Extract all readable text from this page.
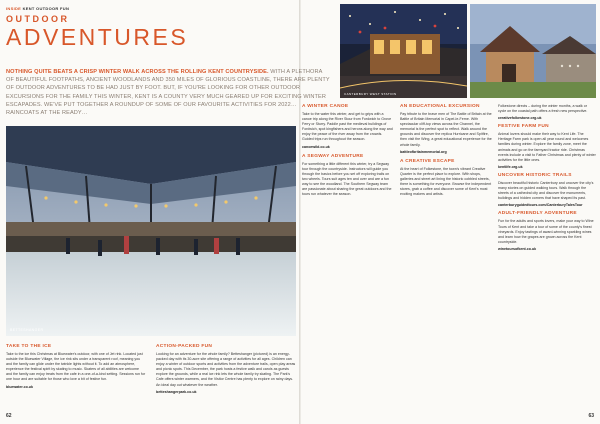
INSIDE KENT OUTDOOR FUN
OUTDOOR
ADVENTURES
NOTHING QUITE BEATS A CRISP WINTER WALK ACROSS THE ROLLING KENT COUNTRYSIDE. WITH A PLETHORA OF BEAUTIFUL FOOTPATHS, ANCIENT WOODLANDS AND 350 MILES OF GLORIOUS COASTLINE, THERE ARE PLENTY OF OUTDOOR ADVENTURES TO BE HAD JUST BY FOOT. BUT, IF YOU'RE LOOKING FOR OTHER OUTDOOR EXCURSIONS FOR THE FAMILY THIS WINTER, KENT IS A COUNTY VERY MUCH GEARED UP FOR EXCITING WINTER ESCAPADES. WE'VE PUT TOGETHER A ROUNDUP OF SOME OF OUR FAVOURITE ACTIVITIES FOR 2022… RAINCOATS AT THE READY…
BETTESHANGER
TAKE TO THE ICE

Take to the ice this Christmas at Bluewater's outdoor, with one of Jet rink. Located just outside the Bluewater Village, the ice rink sits under a transparent roof, meaning you and the family can glide under the twinkle lights without it. To add an atmosphere, experience the festival spirit by skating to music. Skaters of all abilities are welcome and the family can enjoy treats from the cafe in a one-of-a-kind setting. Sessions run for one hour and are suitable for those who love a bit of festive fun.

bluewater.co.uk

ACTION-PACKED FUN

Looking for an adventure for the whole family? Betteshanger (pictured) is an energy-packed day with its 30-acre site offering a range of activities for all ages. Children can enjoy a winter of outdoor sports and activities from the adventure trails, open play areas and picnic spots. This December, the park hosts a festive walk and carols as guests explore the grounds, while a real ice rink lets the whole family try skating. The Park's Cafe offers winter warmers, and the Visitor Centre has plenty to explore on rainy days. An ideal day out whatever the weather.

betteshangerpark.co.uk

62
CANTERBURY WEST STATION
A WINTER CANOE

Take to the water this winter, and get to grips with a canoe trip along the River Stour from Fordwich to Grove Ferry or Sturry. Paddle past the medieval buildings of Fordwich, spot kingfishers and herons along the way and enjoy the peace of the river away from the crowds. Guided trips run throughout the season.

canoewild.co.uk

A SEGWAY ADVENTURE

For something a little different this winter, try a Segway tour through the countryside. Instructors will guide you through the basics before you set off exploring trails on two wheels. Tours suit ages ten and over and are a fun way to see the woodland. The Southern Segway team are passionate about sharing the great outdoors and the tours run whatever the season.

AN EDUCATIONAL EXCURSION

Pay tribute to the brave men of The Battle of Britain at the Battle of Britain Memorial in Capel-le-Ferne. With spectacular cliff-top views across the Channel, the memorial is the perfect spot to reflect. Walk around the grounds and discover the replica Hurricane and Spitfire, then visit the Wing, a great educational experience for the whole family.

battleofbritainmemorial.org

A CREATIVE ESCAPE

At the heart of Folkestone, the town's vibrant Creative Quarter is the perfect place to explore. With shops, galleries and street art lining the historic cobbled streets, there is something for everyone. Browse the independent stores, grab a coffee and discover some of Kent's most exciting makers and artists.

Folkestone directs – during the winter months, a walk or cycle on the coastal path offers a fresh new perspective.

creativefolkestone.org.uk

FESTIVE FARM FUN

Animal lovers should make their way to Kent Life. The Heritage Farm park is open all year round and welcomes families during winter. Explore the family zone, meet the animals and go on the farmyard tractor ride. Christmas events include a visit to Father Christmas and plenty of winter activities for the little ones.

kentlife.org.uk

UNCOVER HISTORIC TRAILS

Discover beautiful historic Canterbury and uncover the city's many stories on guided walking tours. Walk through the streets of a cathedral city and discover the monuments, buildings and hidden corners that have shaped its past.

canterburyguidedtours.com/CanterburyTalesTour

ADULT-FRIENDLY ADVENTURE

Fun for the adults and sports lovers, make your way to Wine Tours of Kent and take a tour of some of the county's finest vineyards. Enjoy tastings of award-winning sparkling wines and learn how the grapes are grown across the Kent countryside.

winetoursofkent.co.uk

63
